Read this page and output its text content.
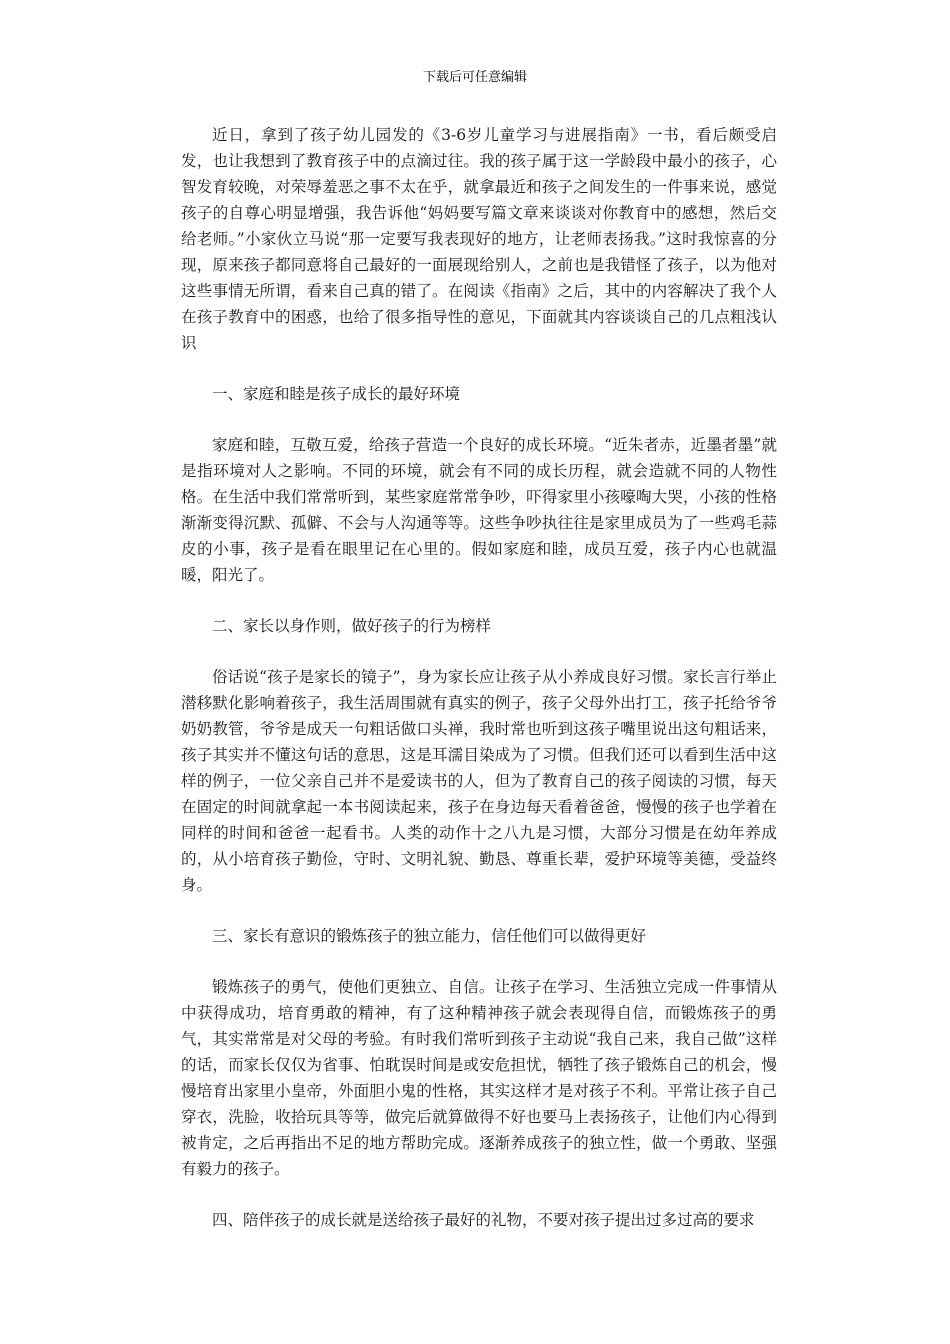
下载后可任意编辑

近日，拿到了孩子幼儿园发的《3-6岁儿童学习与进展指南》一书，看后颇受启发，也让我想到了教育孩子中的点滴过往。我的孩子属于这一学龄段中最小的孩子，心智发育较晚，对荣辱羞恶之事不太在乎，就拿最近和孩子之间发生的一件事来说，感觉孩子的自尊心明显增强，我告诉他“妈妈要写篇文章来谈谈对你教育中的感想，然后交给老师。”小家伙立马说“那一定要写我表现好的地方，让老师表扬我。”这时我惊喜的分现，原来孩子都同意将自己最好的一面展现给别人，之前也是我错怪了孩子，以为他对这些事情无所谓，看来自己真的错了。在阅读《指南》之后，其中的内容解决了我个人在孩子教育中的困惑，也给了很多指导性的意见，下面就其内容谈谈自己的几点粗浅认识

一、家庭和睦是孩子成长的最好环境

家庭和睦，互敬互爱，给孩子营造一个良好的成长环境。“近朱者赤，近墨者墨”就是指环境对人之影响。不同的环境，就会有不同的成长历程，就会造就不同的人物性格。在生活中我们常常听到，某些家庭常常争吵，吓得家里小孩嚎啕大哭，小孩的性格渐渐变得沉默、孤僻、不会与人沟通等等。这些争吵执往往是家里成员为了一些鸡毛蒜皮的小事，孩子是看在眼里记在心里的。假如家庭和睦，成员互爱，孩子内心也就温暖，阳光了。

二、家长以身作则，做好孩子的行为榜样

俗话说“孩子是家长的镜子”，身为家长应让孩子从小养成良好习惯。家长言行举止潜移默化影响着孩子，我生活周围就有真实的例子，孩子父母外出打工，孩子托给爷爷奶奶教管，爷爷是成天一句粗话做口头禅，我时常也听到这孩子嘴里说出这句粗话来，孩子其实并不懂这句话的意思，这是耳濡目染成为了习惯。但我们还可以看到生活中这样的例子，一位父亲自己并不是爱读书的人，但为了教育自己的孩子阅读的习惯，每天在固定的时间就拿起一本书阅读起来，孩子在身边每天看着爸爸，慢慢的孩子也学着在同样的时间和爸爸一起看书。人类的动作十之八九是习惯，大部分习惯是在幼年养成的，从小培育孩子勤俭，守时、文明礼貌、勤恳、尊重长辈，爱护环境等美德，受益终身。

三、家长有意识的锻炼孩子的独立能力，信任他们可以做得更好

锻炼孩子的勇气，使他们更独立、自信。让孩子在学习、生活独立完成一件事情从中获得成功，培育勇敢的精神，有了这种精神孩子就会表现得自信，而锻炼孩子的勇气，其实常常是对父母的考验。有时我们常听到孩子主动说“我自己来，我自己做”这样的话，而家长仅仅为省事、怕耽误时间是或安危担忧，牺牲了孩子锻炼自己的机会，慢慢培育出家里小皇帝，外面胆小鬼的性格，其实这样才是对孩子不利。平常让孩子自己穿衣，洗脸，收拾玩具等等，做完后就算做得不好也要马上表扬孩子，让他们内心得到被肯定，之后再指出不足的地方帮助完成。逐渐养成孩子的独立性，做一个勇敢、坚强有毅力的孩子。

四、陪伴孩子的成长就是送给孩子最好的礼物，不要对孩子提出过多过高的要求
